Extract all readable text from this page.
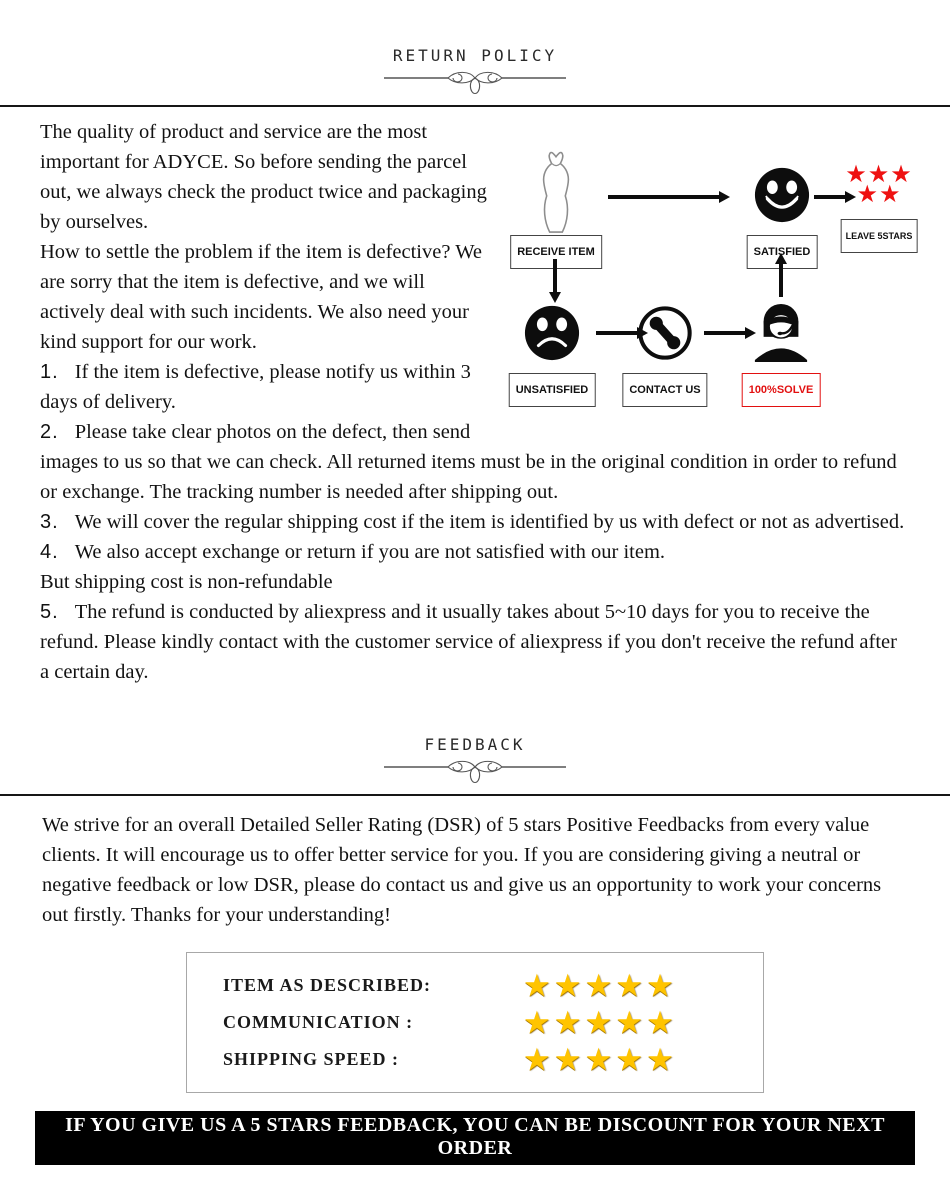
RETURN POLICY
RECEIVE ITEM	SATISFIED
★★★
★★
LEAVE 5STARS
UNSATISFIED	CONTACT US	100%SOLVE

The quality of product and service are the most important for ADYCE. So before sending the parcel out, we always check the product twice and packaging by ourselves.

How to settle the problem if the item is defective? We are sorry that the item is defective, and we will actively deal with such incidents. We also need your kind support for our work.

1. If the item is defective, please notify us within 3 days of delivery.
2. Please take clear photos on the defect, then send images to us so that we can check. All returned items must be in the original condition in order to refund or exchange. The tracking number is needed after shipping out.
3. We will cover the regular shipping cost if the item is identified by us with defect or not as advertised.
4. We also accept exchange or return if you are not satisfied with our item.
But shipping cost is non-refundable
5. The refund is conducted by aliexpress and it usually takes about 5~10 days for you to receive the refund. Please kindly contact with the customer service of aliexpress if you don't receive the refund after a certain day.
FEEDBACK

We strive for an overall Detailed Seller Rating (DSR) of 5 stars Positive Feedbacks from every value clients. It will encourage us to offer better service for you. If you are considering giving a neutral or negative feedback or low DSR, please do contact us and give us an opportunity to work your concerns out firstly. Thanks for your understanding!

ITEM AS DESCRIBED:	★★★★★
COMMUNICATION :	★★★★★
SHIPPING SPEED :	★★★★★
IF YOU GIVE US A 5 STARS FEEDBACK, YOU CAN BE DISCOUNT FOR YOUR NEXT ORDER
